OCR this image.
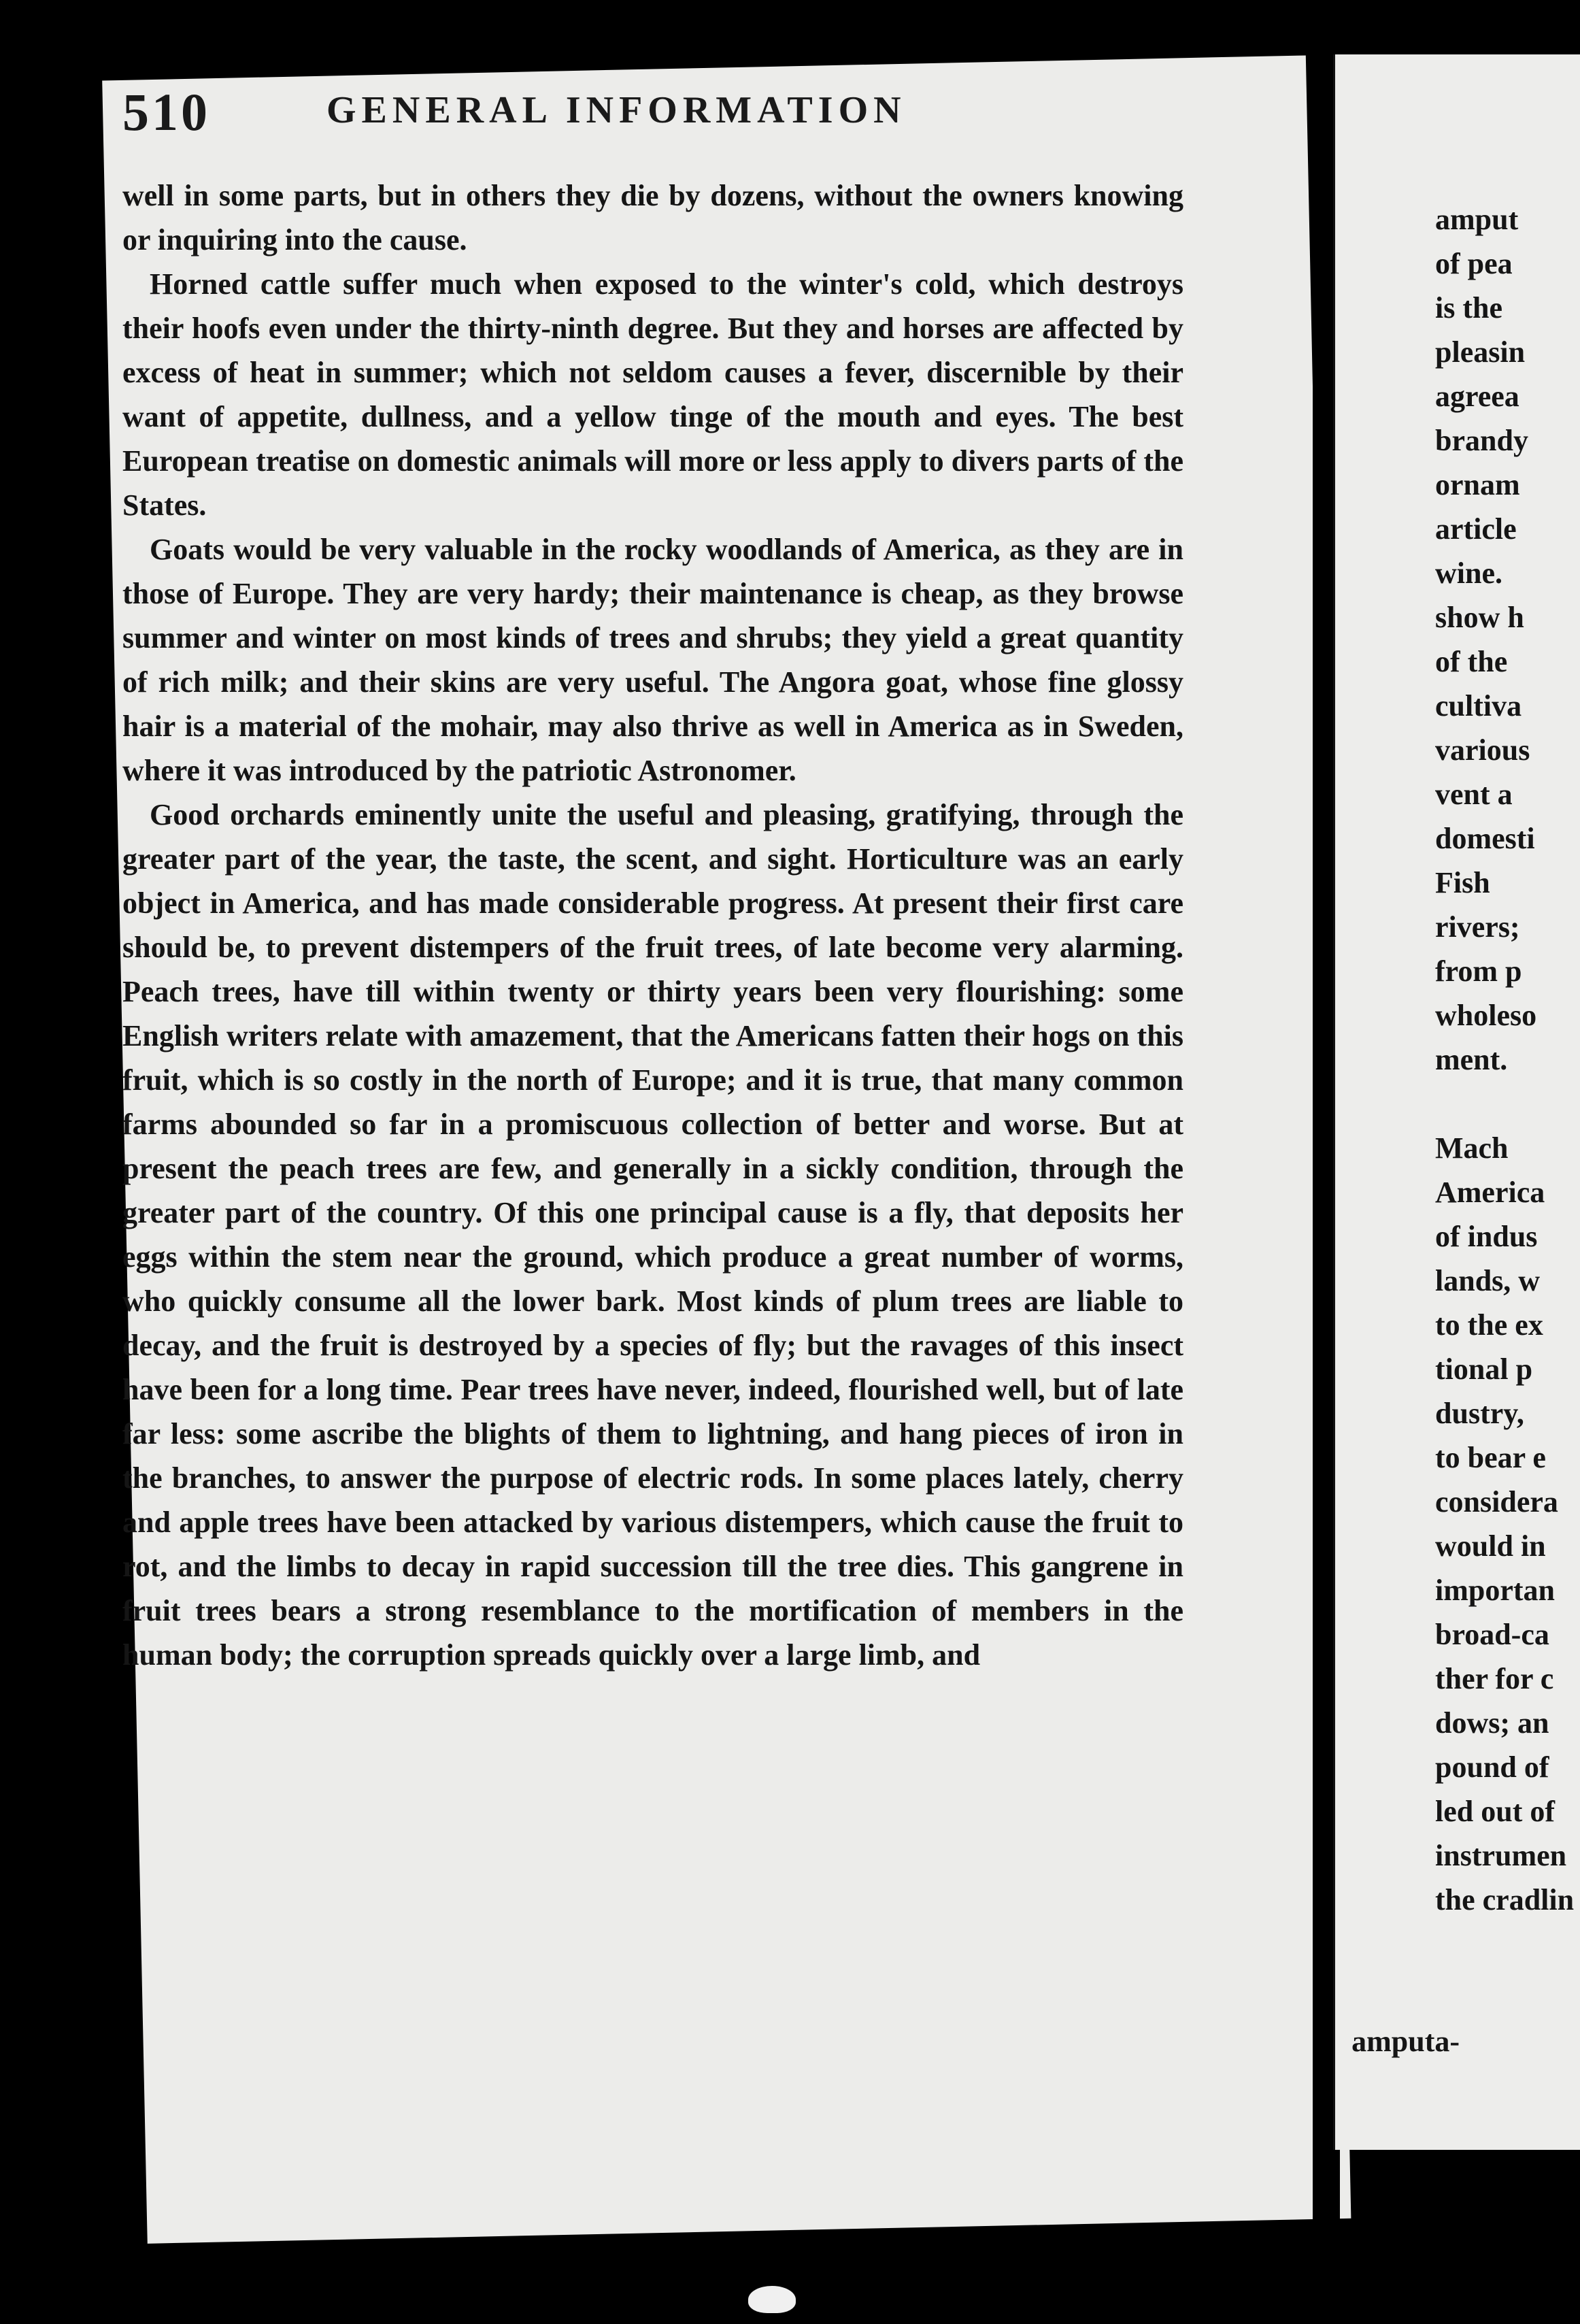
510	GENERAL INFORMATION

well in some parts, but in others they die by dozens, without the owners knowing or inquiring into the cause.

Horned cattle suffer much when exposed to the winter's cold, which destroys their hoofs even under the thirty-ninth degree. But they and horses are affected by excess of heat in summer; which not seldom causes a fever, discernible by their want of appetite, dullness, and a yellow tinge of the mouth and eyes. The best European treatise on domestic animals will more or less apply to divers parts of the States.

Goats would be very valuable in the rocky woodlands of America, as they are in those of Europe. They are very hardy; their maintenance is cheap, as they browse summer and winter on most kinds of trees and shrubs; they yield a great quantity of rich milk; and their skins are very useful. The Angora goat, whose fine glossy hair is a material of the mohair, may also thrive as well in America as in Sweden, where it was introduced by the patriotic Astronomer.

Good orchards eminently unite the useful and pleasing, gratifying, through the greater part of the year, the taste, the scent, and sight. Horticulture was an early object in America, and has made considerable progress. At present their first care should be, to prevent distempers of the fruit trees, of late become very alarming. Peach trees, have till within twenty or thirty years been very flourishing: some English writers relate with amazement, that the Americans fatten their hogs on this fruit, which is so costly in the north of Europe; and it is true, that many common farms abounded so far in a promiscuous collection of better and worse. But at present the peach trees are few, and generally in a sickly condition, through the greater part of the country. Of this one principal cause is a fly, that deposits her eggs within the stem near the ground, which produce a great number of worms, who quickly consume all the lower bark. Most kinds of plum trees are liable to decay, and the fruit is destroyed by a species of fly; but the ravages of this insect have been for a long time. Pear trees have never, indeed, flourished well, but of late far less: some ascribe the blights of them to lightning, and hang pieces of iron in the branches, to answer the purpose of electric rods. In some places lately, cherry and apple trees have been attacked by various distempers, which cause the fruit to rot, and the limbs to decay in rapid succession till the tree dies. This gangrene in fruit trees bears a strong resemblance to the mortification of members in the human body; the corruption spreads quickly over a large limb, and

amputa-
amput
of pea
is the
pleasin
agreea
brandy
ornam
article
wine.
show h
of the
cultiva
various
vent a
domesti
Fish
rivers;
from p
wholeso
ment.
Mach
America
of indus
lands, w
to the ex
tional p
dustry,
to bear e
considera
would in
importan
broad-ca
ther for c
dows; an
pound of
led out of
instrumen
the cradlin
